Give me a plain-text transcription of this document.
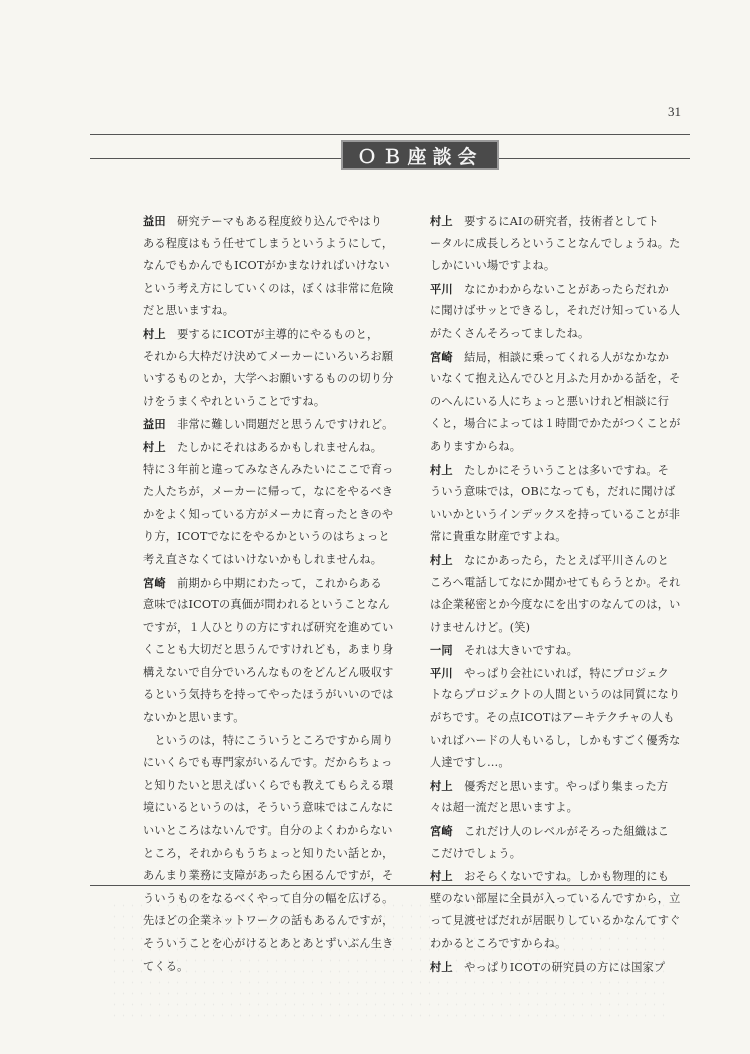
31
ＯＢ座談会
益田　 研究テーマもある程度絞り込んでやはり
ある程度はもう任せてしまうというようにして，
なんでもかんでもICOTがかまなければいけない
という考え方にしていくのは，ぼくは非常に危険
だと思いますね。
村上　 要するにICOTが主導的にやるものと，
それから大枠だけ決めてメーカーにいろいろお願
いするものとか，大学へお願いするものの切り分
けをうまくやれということですね。
益田　 非常に難しい問題だと思うんですけれど。
村上　 たしかにそれはあるかもしれませんね。
特に３年前と違ってみなさんみたいにここで育っ
た人たちが，メーカーに帰って，なにをやるべき
かをよく知っている方がメーカに育ったときのや
り方，ICOTでなにをやるかというのはちょっと
考え直さなくてはいけないかもしれませんね。
宮崎　 前期から中期にわたって，これからある
意味ではICOTの真価が問われるということなん
ですが，１人ひとりの方にすれば研究を進めてい
くことも大切だと思うんですけれども，あまり身
構えないで自分でいろんなものをどんどん吸収す
るという気持ちを持ってやったほうがいいのでは
ないかと思います。
　というのは，特にこういうところですから周り
にいくらでも専門家がいるんです。だからちょっ
と知りたいと思えばいくらでも教えてもらえる環
境にいるというのは，そういう意味ではこんなに
いいところはないんです。自分のよくわからない
ところ，それからもうちょっと知りたい話とか，
あんまり業務に支障があったら困るんですが，そ
ういうものをなるべくやって自分の幅を広げる。
先ほどの企業ネットワークの話もあるんですが，
そういうことを心がけるとあとあとずいぶん生き
てくる。
村上　 要するにAIの研究者，技術者としてト
ータルに成長しろということなんでしょうね。た
しかにいい場ですよね。
平川　 なにかわからないことがあったらだれか
に聞けばサッとできるし，それだけ知っている人
がたくさんそろってましたね。
宮崎　 結局，相談に乗ってくれる人がなかなか
いなくて抱え込んでひと月ふた月かかる話を，そ
のへんにいる人にちょっと悪いけれど相談に行
くと，場合によっては１時間でかたがつくことが
ありますからね。
村上　 たしかにそういうことは多いですね。そ
ういう意味では，OBになっても，だれに聞けば
いいかというインデックスを持っていることが非
常に貴重な財産ですよね。
村上　 なにかあったら，たとえば平川さんのと
ころへ電話してなにか聞かせてもらうとか。それ
は企業秘密とか今度なにを出すのなんてのは，い
けませんけど。(笑)
一同　 それは大きいですね。
平川　 やっぱり会社にいれば，特にプロジェク
トならプロジェクトの人間というのは同質になり
がちです。その点ICOTはアーキテクチャの人も
いればハードの人もいるし，しかもすごく優秀な
人達ですし…。
村上　 優秀だと思います。やっぱり集まった方
々は超一流だと思いますよ。
宮崎　 これだけ人のレベルがそろった組織はこ
こだけでしょう。
村上　 おそらくないですね。しかも物理的にも
壁のない部屋に全員が入っているんですから，立
って見渡せばだれが居眠りしているかなんてすぐ
わかるところですからね。
村上　 やっぱりICOTの研究員の方には国家プ
